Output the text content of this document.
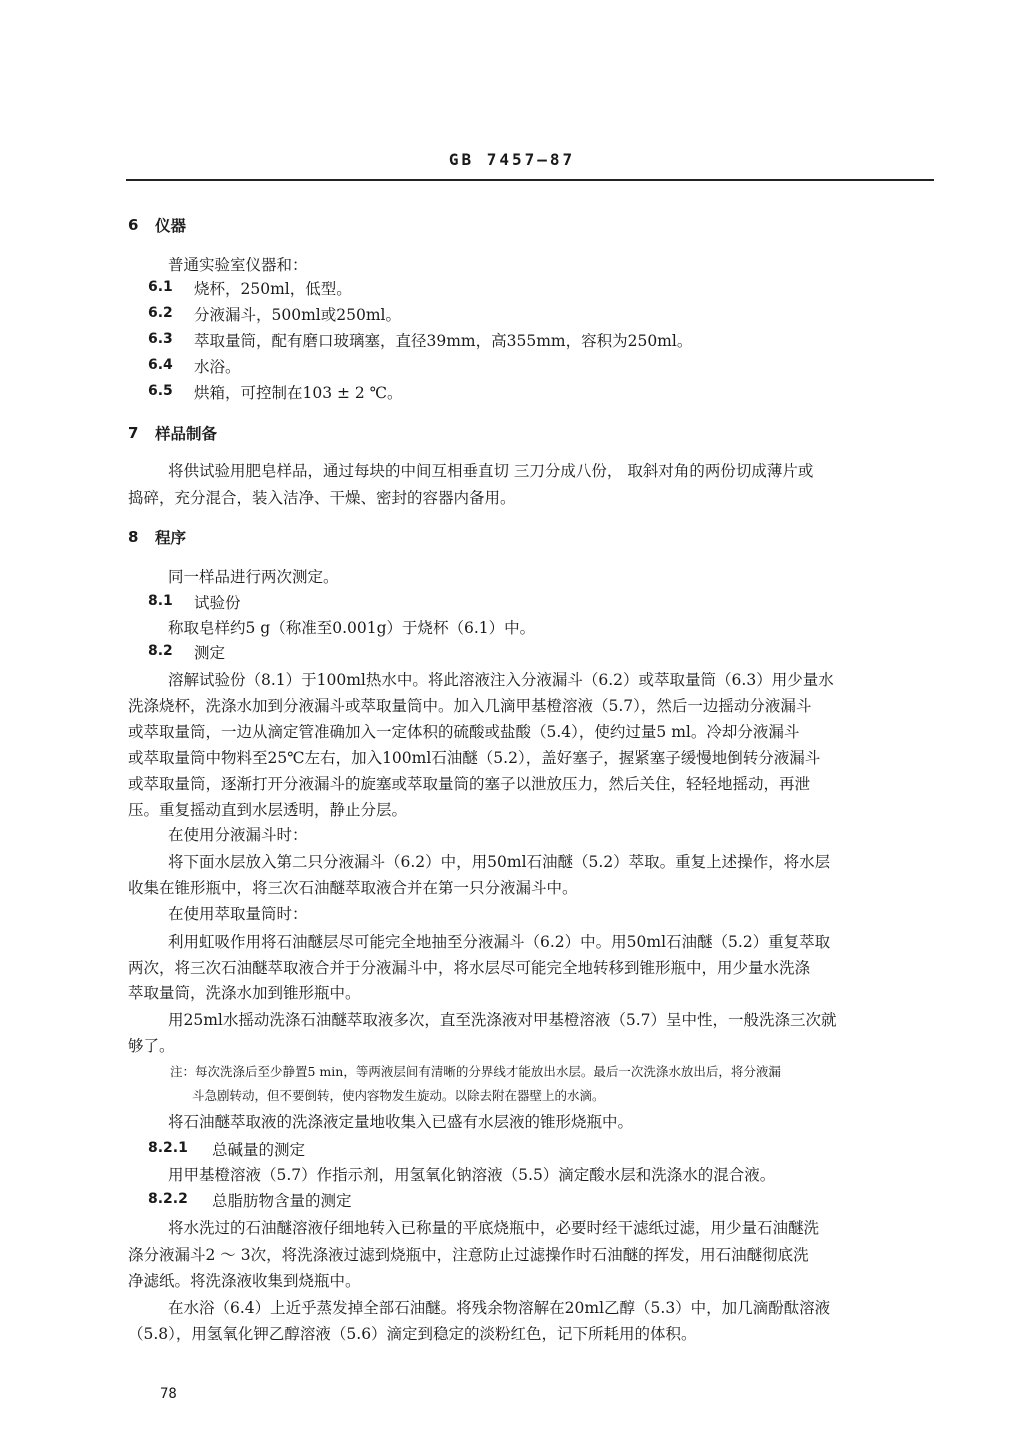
GB 7457—87
6 仪器
普通实验室仪器和：
6.1 烧杯，250ml，低型。
6.2 分液漏斗，500ml或250ml。
6.3 萃取量筒，配有磨口玻璃塞，直径39mm，高355mm，容积为250ml。
6.4 水浴。
6.5 烘箱，可控制在103 ± 2 ℃。
7 样品制备
将供试验用肥皂样品，通过每块的中间互相垂直切 三刀分成八份， 取斜对角的两份切成薄片或
捣碎，充分混合，装入洁净、干燥、密封的容器内备用。
8 程序
同一样品进行两次测定。
8.1 试验份
称取皂样约5 g（称准至0.001g）于烧杯（6.1）中。
8.2 测定
溶解试验份（8.1）于100ml热水中。将此溶液注入分液漏斗（6.2）或萃取量筒（6.3）用少量水
洗涤烧杯，洗涤水加到分液漏斗或萃取量筒中。加入几滴甲基橙溶液（5.7），然后一边摇动分液漏斗
或萃取量筒，一边从滴定管准确加入一定体积的硫酸或盐酸（5.4），使约过量5 ml。冷却分液漏斗
或萃取量筒中物料至25℃左右，加入100ml石油醚（5.2），盖好塞子，握紧塞子缓慢地倒转分液漏斗
或萃取量筒，逐渐打开分液漏斗的旋塞或萃取量筒的塞子以泄放压力，然后关住，轻轻地摇动，再泄
压。重复摇动直到水层透明，静止分层。
在使用分液漏斗时：
将下面水层放入第二只分液漏斗（6.2）中，用50ml石油醚（5.2）萃取。重复上述操作，将水层
收集在锥形瓶中，将三次石油醚萃取液合并在第一只分液漏斗中。
在使用萃取量筒时：
利用虹吸作用将石油醚层尽可能完全地抽至分液漏斗（6.2）中。用50ml石油醚（5.2）重复萃取
两次，将三次石油醚萃取液合并于分液漏斗中，将水层尽可能完全地转移到锥形瓶中，用少量水洗涤
萃取量筒，洗涤水加到锥形瓶中。
用25ml水摇动洗涤石油醚萃取液多次，直至洗涤液对甲基橙溶液（5.7）呈中性，一般洗涤三次就
够了。
注：每次洗涤后至少静置5 min，等两液层间有清晰的分界线才能放出水层。最后一次洗涤水放出后，将分液漏
斗急剧转动，但不要倒转，使内容物发生旋动。以除去附在器壁上的水滴。
将石油醚萃取液的洗涤液定量地收集入已盛有水层液的锥形烧瓶中。
8.2.1 总碱量的测定
用甲基橙溶液（5.7）作指示剂，用氢氧化钠溶液（5.5）滴定酸水层和洗涤水的混合液。
8.2.2 总脂肪物含量的测定
将水洗过的石油醚溶液仔细地转入已称量的平底烧瓶中，必要时经干滤纸过滤，用少量石油醚洗
涤分液漏斗2 ～ 3次，将洗涤液过滤到烧瓶中，注意防止过滤操作时石油醚的挥发，用石油醚彻底洗
净滤纸。将洗涤液收集到烧瓶中。
在水浴（6.4）上近乎蒸发掉全部石油醚。将残余物溶解在20ml乙醇（5.3）中，加几滴酚酞溶液
（5.8），用氢氧化钾乙醇溶液（5.6）滴定到稳定的淡粉红色，记下所耗用的体积。
78
